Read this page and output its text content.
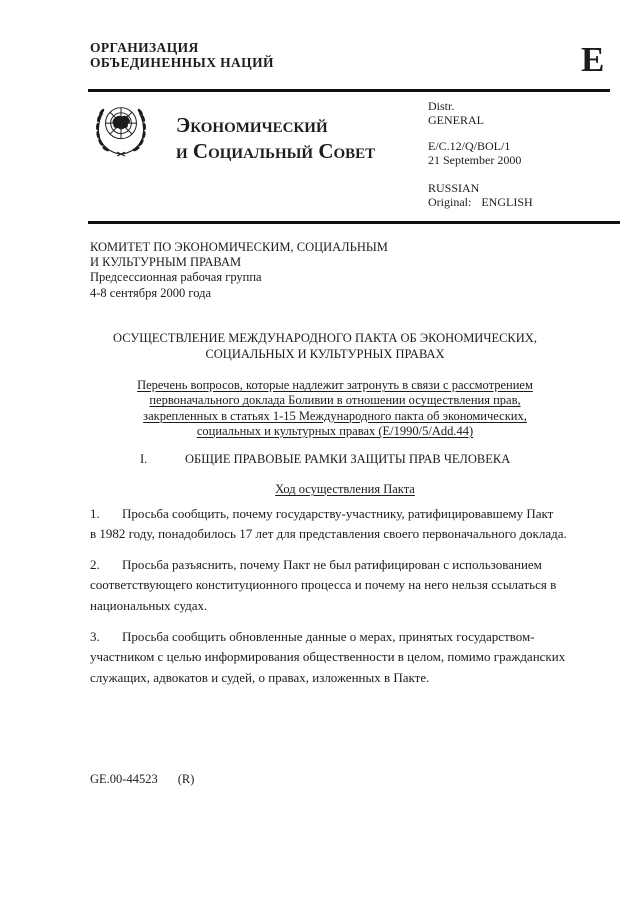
ОРГАНИЗАЦИЯ
ОБЪЕДИНЕННЫХ НАЦИЙ	E
Экономический
и Социальный Совет
Distr.
GENERAL
E/C.12/Q/BOL/1
21 September 2000
RUSSIAN
Original: ENGLISH
КОМИТЕТ ПО ЭКОНОМИЧЕСКИМ, СОЦИАЛЬНЫМ
И КУЛЬТУРНЫМ ПРАВАМ
Предсессионная рабочая группа
4-8 сентября 2000 года
ОСУЩЕСТВЛЕНИЕ МЕЖДУНАРОДНОГО ПАКТА ОБ ЭКОНОМИЧЕСКИХ,
СОЦИАЛЬНЫХ И КУЛЬТУРНЫХ ПРАВАХ
Перечень вопросов, которые надлежит затронуть в связи с рассмотрением
первоначального доклада Боливии в отношении осуществления прав,
закрепленных в статьях 1-15 Международного пакта об экономических,
социальных и культурных правах (E/1990/5/Add.44)
I.	ОБЩИЕ ПРАВОВЫЕ РАМКИ ЗАЩИТЫ ПРАВ ЧЕЛОВЕКА
Ход осуществления Пакта
1. Просьба сообщить, почему государству-участнику, ратифицировавшему Пакт
в 1982 году, понадобилось 17 лет для представления своего первоначального доклада.
2. Просьба разъяснить, почему Пакт не был ратифицирован с использованием
соответствующего конституционного процесса и почему на него нельзя ссылаться в
национальных судах.
3. Просьба сообщить обновленные данные о мерах, принятых государством-
участником с целью информирования общественности в целом, помимо гражданских
служащих, адвокатов и судей, о правах, изложенных в Пакте.
GE.00-44523 (R)
